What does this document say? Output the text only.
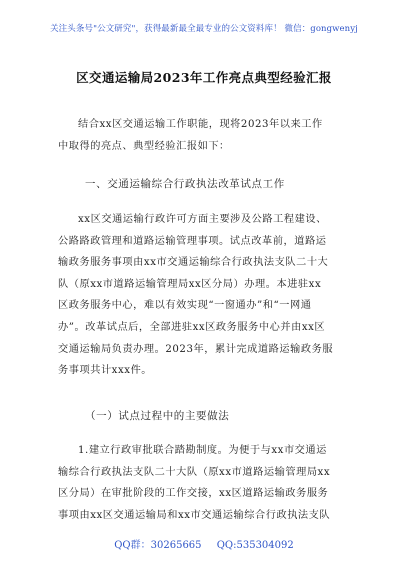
关注头条号"公文研究"，获得最新最全最专业的公文资料库！ 微信：gongwenyj
区交通运输局2023年工作亮点典型经验汇报
结合xx区交通运输工作职能，现将2023年以来工作
中取得的亮点、典型经验汇报如下：
一、交通运输综合行政执法改革试点工作
xx区交通运输行政许可方面主要涉及公路工程建设、
公路路政管理和道路运输管理事项。试点改革前，道路运
输政务服务事项由xx市交通运输综合行政执法支队二十大
队（原xx市道路运输管理局xx区分局）办理。本进驻xx
区政务服务中心，难以有效实现“一窗通办”和“一网通
办”。改革试点后，全部进驻xx区政务服务中心并由xx区
交通运输局负责办理。2023年，累计完成道路运输政务服
务事项共计xxx件。
（一）试点过程中的主要做法
1.建立行政审批联合踏勘制度。为便于与xx市交通运
输综合行政执法支队二十大队（原xx市道路运输管理局xx
区分局）在审批阶段的工作交接，xx区道路运输政务服务
事项由xx区交通运输局和xx市交通运输综合行政执法支队
QQ群：30265665 QQ:535304092
